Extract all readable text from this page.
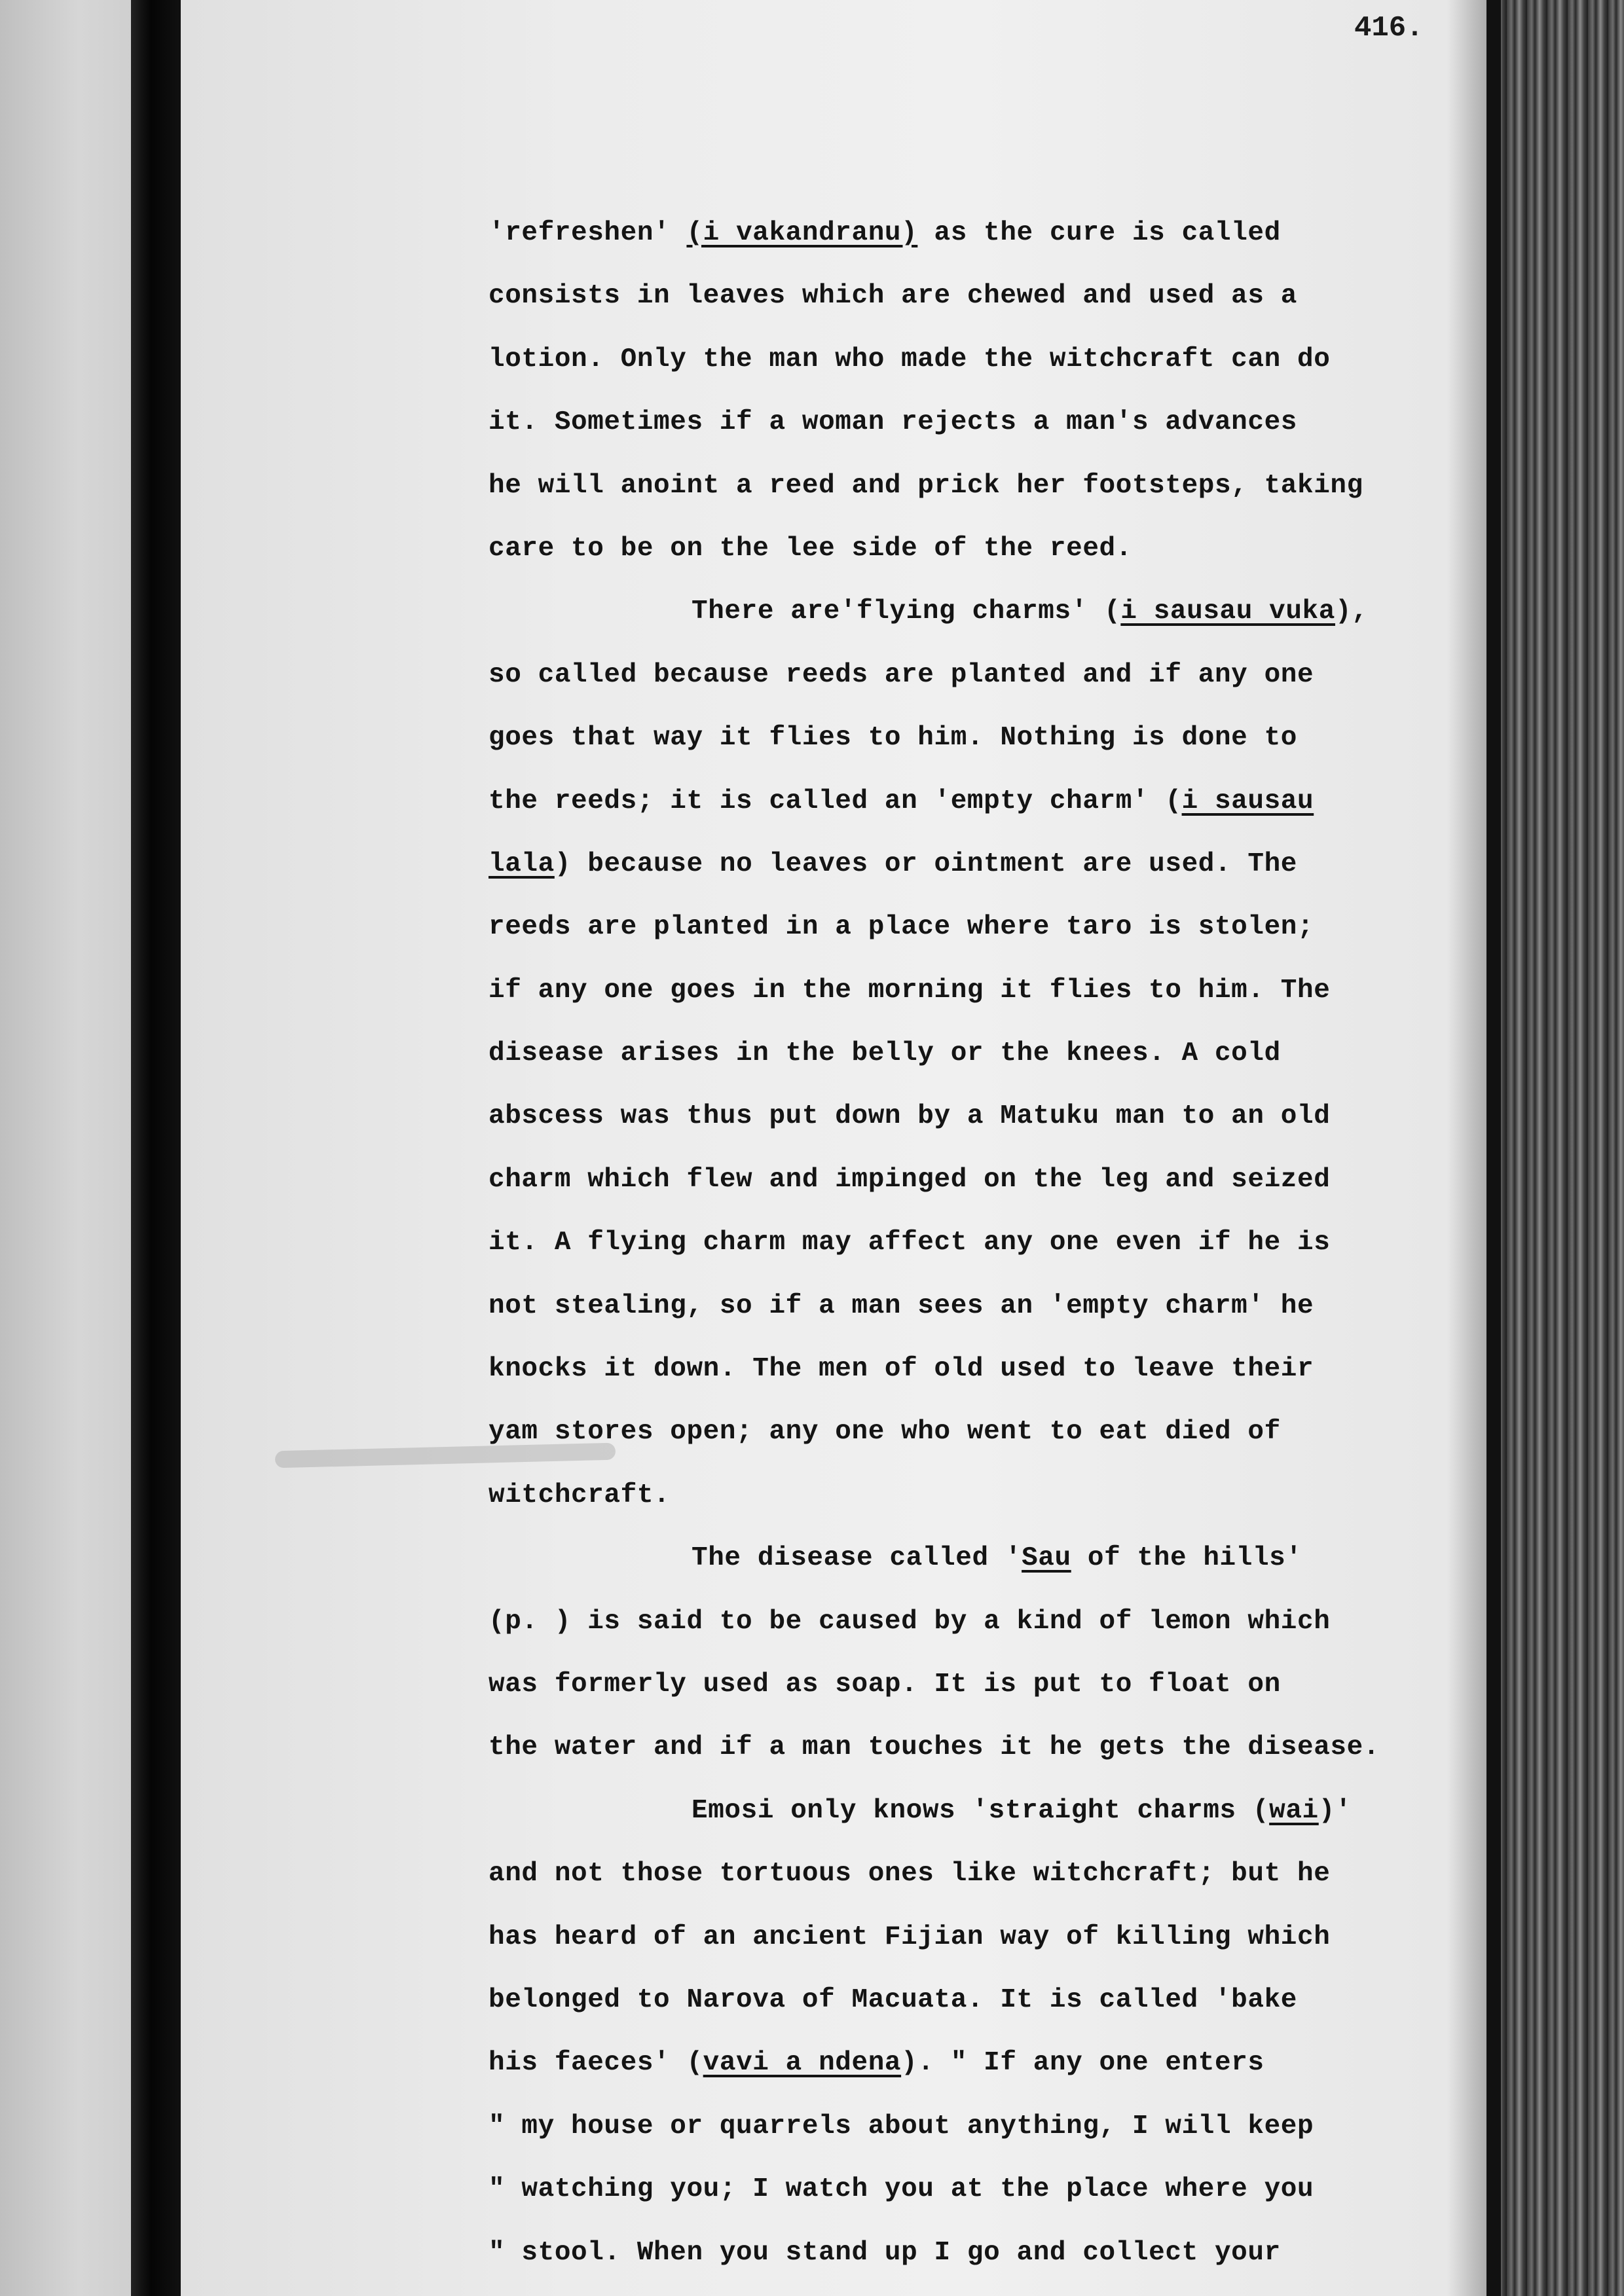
416.
'refreshen' (i vakandranu) as the cure is called
consists in leaves which are chewed and used as a
lotion. Only the man who made the witchcraft can do
it. Sometimes if a woman rejects a man's advances
he will anoint a reed and prick her footsteps, taking
care to be on the lee side of the reed.
There are'flying charms' (i sausau vuka),
so called because reeds are planted and if any one
goes that way it flies to him. Nothing is done to
the reeds; it is called an 'empty charm' (i sausau
lala) because no leaves or ointment are used. The
reeds are planted in a place where taro is stolen;
if any one goes in the morning it flies to him. The
disease arises in the belly or the knees. A cold
abscess was thus put down by a Matuku man to an old
charm which flew and impinged on the leg and seized
it. A flying charm may affect any one even if he is
not stealing, so if a man sees an 'empty charm' he
knocks it down. The men of old used to leave their
yam stores open; any one who went to eat died of
witchcraft.
The disease called 'Sau of the hills'
(p. ) is said to be caused by a kind of lemon which
was formerly used as soap. It is put to float on
the water and if a man touches it he gets the disease.
Emosi only knows 'straight charms (wai)'
and not those tortuous ones like witchcraft; but he
has heard of an ancient Fijian way of killing which
belonged to Narova of Macuata. It is called 'bake
his faeces' (vavi a ndena). " If any one enters
" my house or quarrels about anything, I will keep
" watching you; I watch you at the place where you
" stool. When you stand up I go and collect your
